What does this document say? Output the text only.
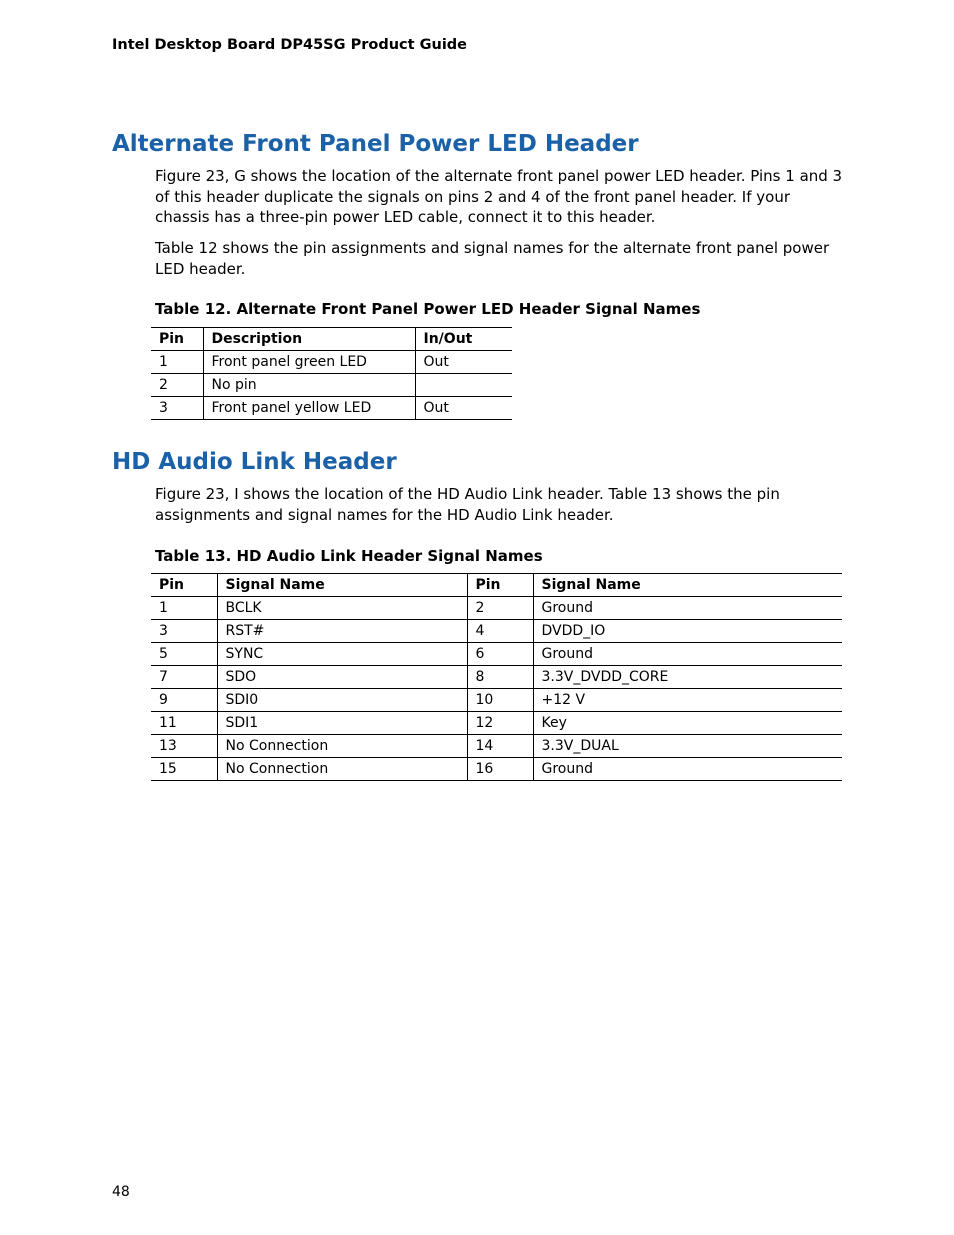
Intel Desktop Board DP45SG Product Guide
Alternate Front Panel Power LED Header

Figure 23, G shows the location of the alternate front panel power LED header. Pins 1 and 3 of this header duplicate the signals on pins 2 and 4 of the front panel header. If your chassis has a three-pin power LED cable, connect it to this header.

Table 12 shows the pin assignments and signal names for the alternate front panel power LED header.

Table 12. Alternate Front Panel Power LED Header Signal Names

Pin	Description	In/Out
1	Front panel green LED	Out
2	No pin	
3	Front panel yellow LED	Out
HD Audio Link Header

Figure 23, I shows the location of the HD Audio Link header. Table 13 shows the pin assignments and signal names for the HD Audio Link header.

Table 13. HD Audio Link Header Signal Names

Pin	Signal Name	Pin	Signal Name
1	BCLK	2	Ground
3	RST#	4	DVDD_IO
5	SYNC	6	Ground
7	SDO	8	3.3V_DVDD_CORE
9	SDI0	10	+12 V
11	SDI1	12	Key
13	No Connection	14	3.3V_DUAL
15	No Connection	16	Ground
48
